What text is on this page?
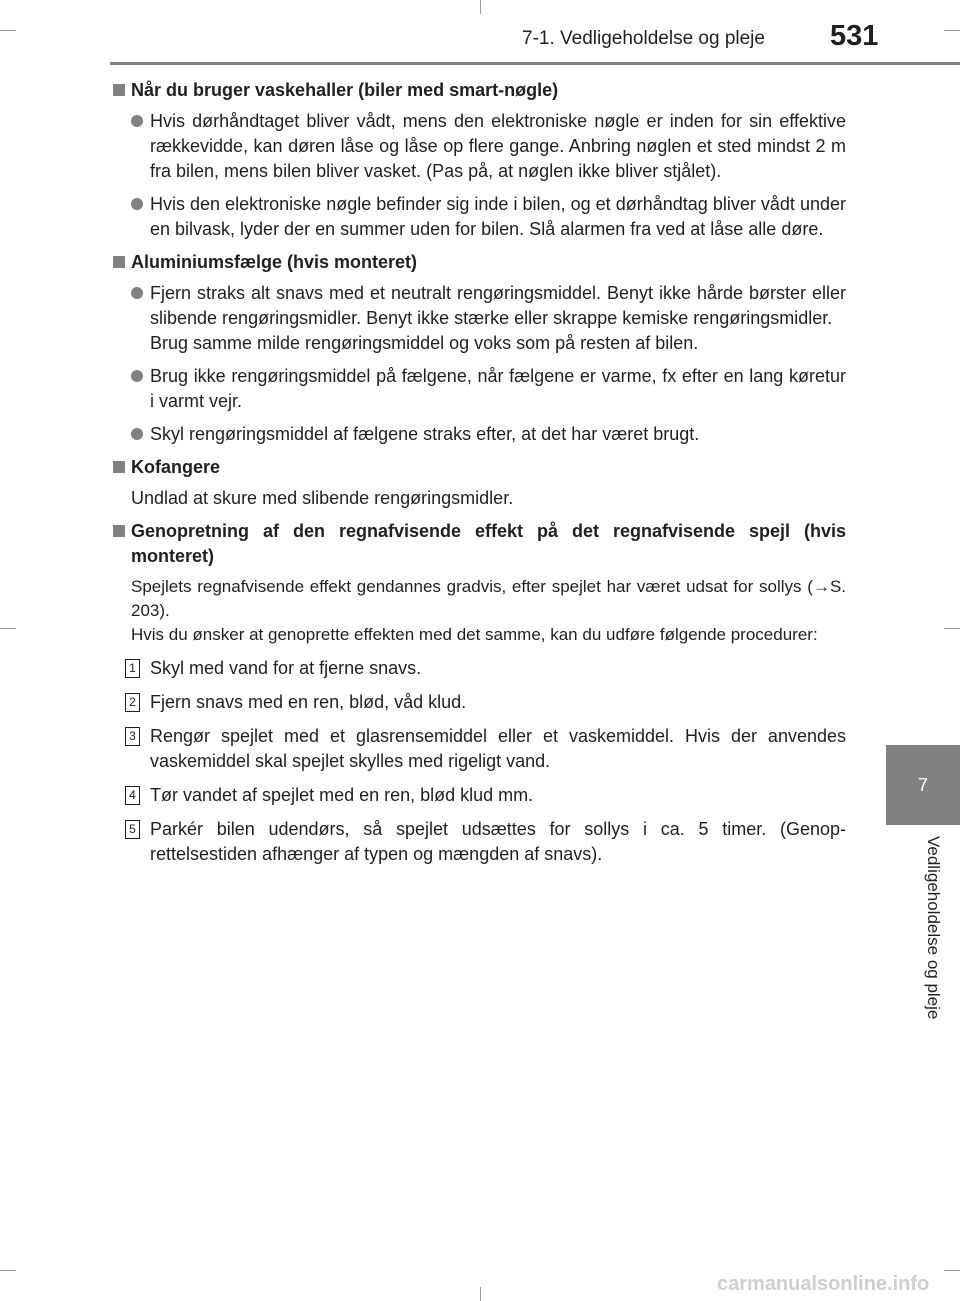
7-1. Vedligeholdelse og pleje 531
7
Vedligeholdelse og pleje
Når du bruger vaskehaller (biler med smart-nøgle)
Hvis dørhåndtaget bliver vådt, mens den elektroniske nøgle er inden for sin effektive rækkevidde, kan døren låse og låse op flere gange. Anbring nøglen et sted mindst 2 m fra bilen, mens bilen bliver vasket. (Pas på, at nøglen ikke bliver stjålet).
Hvis den elektroniske nøgle befinder sig inde i bilen, og et dørhåndtag bliver vådt under en bilvask, lyder der en summer uden for bilen. Slå alarmen fra ved at låse alle døre.
Aluminiumsfælge (hvis monteret)
Fjern straks alt snavs med et neutralt rengøringsmiddel. Benyt ikke hårde børster eller slibende rengøringsmidler. Benyt ikke stærke eller skrappe kemiske rengøringsmidler.
Brug samme milde rengøringsmiddel og voks som på resten af bilen.
Brug ikke rengøringsmiddel på fælgene, når fælgene er varme, fx efter en lang køretur i varmt vejr.
Skyl rengøringsmiddel af fælgene straks efter, at det har været brugt.
Kofangere
Undlad at skure med slibende rengøringsmidler.
Genopretning af den regnafvisende effekt på det regnafvisende spejl (hvis monteret)
Spejlets regnafvisende effekt gendannes gradvis, efter spejlet har været udsat for sollys (→S. 203).
Hvis du ønsker at genoprette effekten med det samme, kan du udføre følgende procedurer:
1 Skyl med vand for at fjerne snavs.
2 Fjern snavs med en ren, blød, våd klud.
3 Rengør spejlet med et glasrensemiddel eller et vaskemiddel. Hvis der anvendes vaskemiddel skal spejlet skylles med rigeligt vand.
4 Tør vandet af spejlet med en ren, blød klud mm.
5 Parkér bilen udendørs, så spejlet udsættes for sollys i ca. 5 timer. (Genop-rettelsestiden afhænger af typen og mængden af snavs).
carmanualsonline.info
